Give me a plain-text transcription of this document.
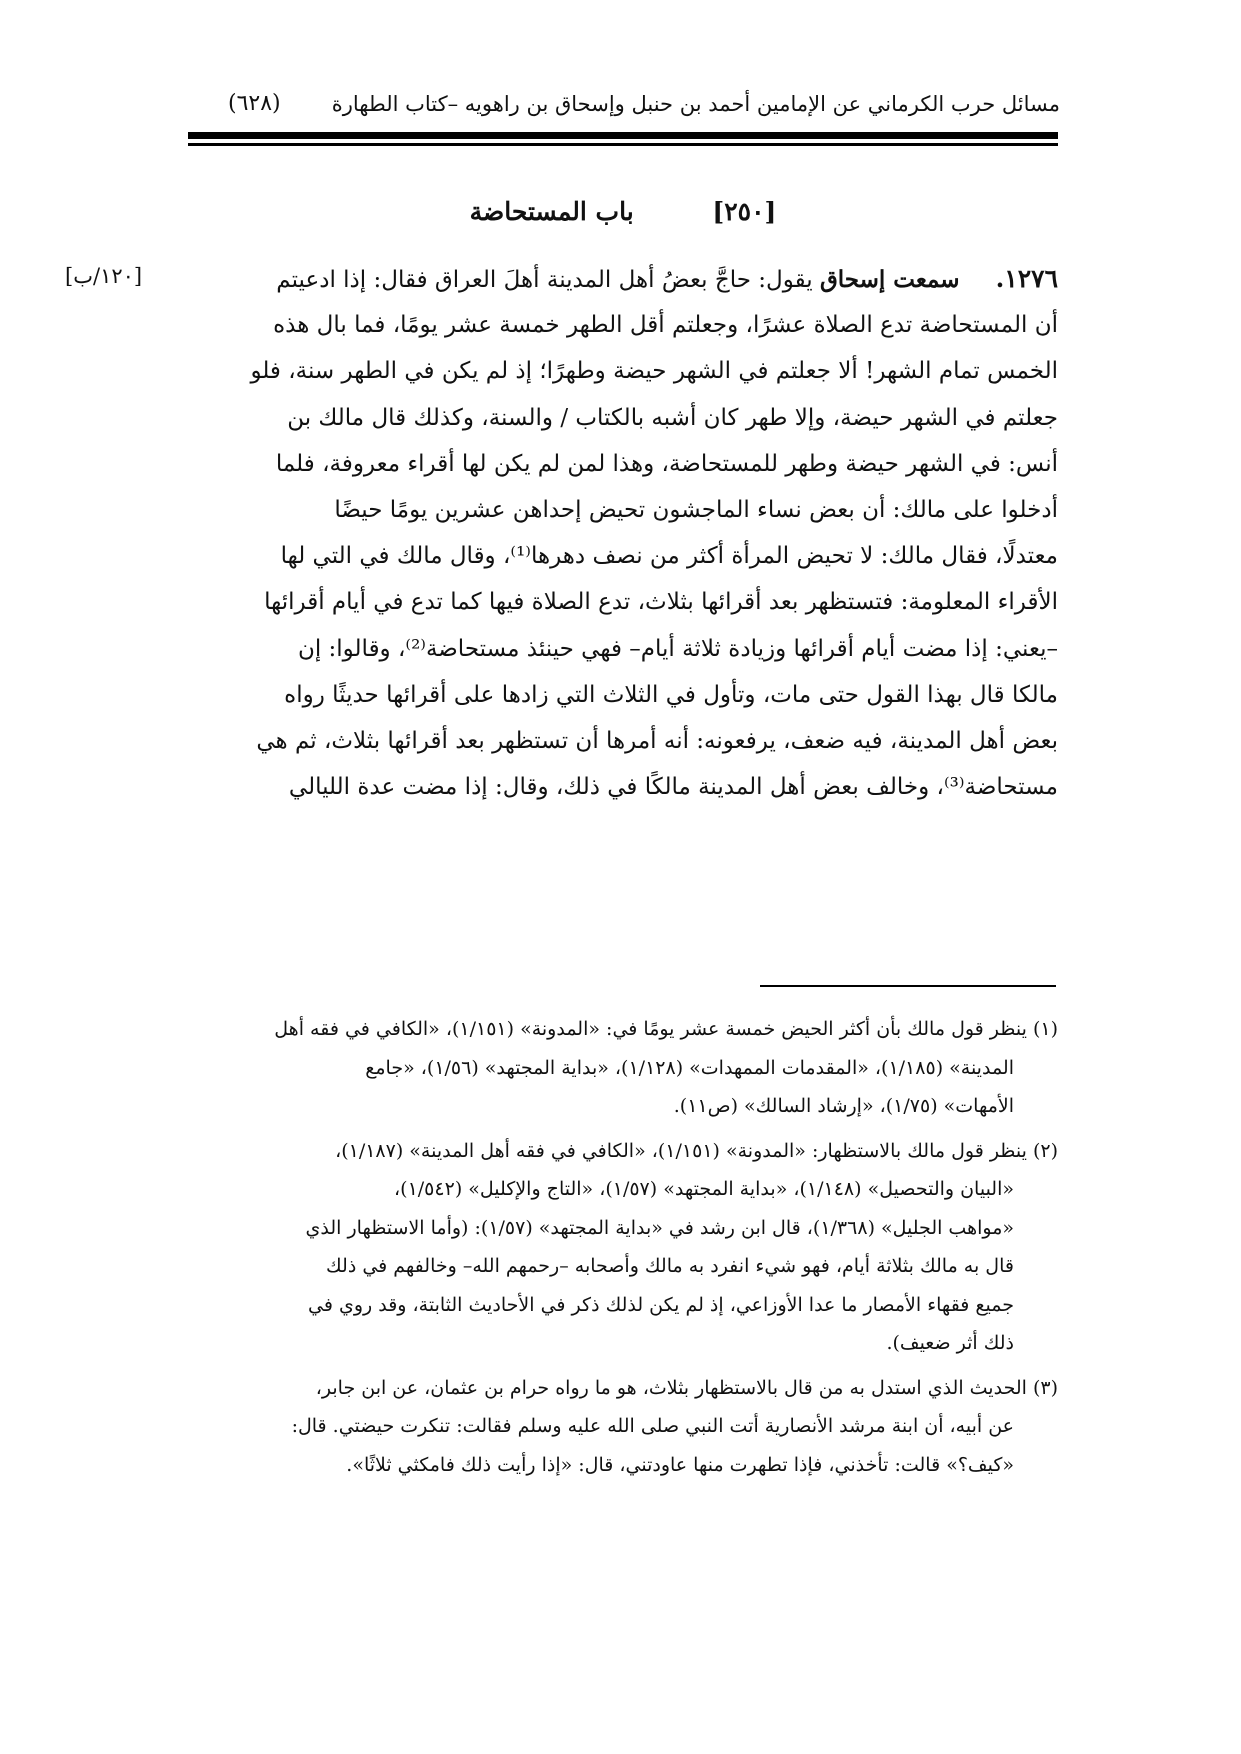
مسائل حرب الكرماني عن الإمامين أحمد بن حنبل وإسحاق بن راهويه –كتاب الطهارة
(٦٢٨)
[٢٥٠] باب المستحاضة
[١٢٠/ب]	١٢٧٦.سمعت إسحاق يقول: حاجَّ بعضُ أهل المدينة أهلَ العراق فقال: إذا ادعيتم
أن المستحاضة تدع الصلاة عشرًا، وجعلتم أقل الطهر خمسة عشر يومًا، فما بال هذه
الخمس تمام الشهر! ألا جعلتم في الشهر حيضة وطهرًا؛ إذ لم يكن في الطهر سنة، فلو
جعلتم في الشهر حيضة، وإلا طهر كان أشبه بالكتاب / والسنة، وكذلك قال مالك بن
أنس: في الشهر حيضة وطهر للمستحاضة، وهذا لمن لم يكن لها أقراء معروفة، فلما
أدخلوا على مالك: أن بعض نساء الماجشون تحيض إحداهن عشرين يومًا حيضًا
معتدلًا، فقال مالك: لا تحيض المرأة أكثر من نصف دهرها⁽¹⁾، وقال مالك في التي لها
الأقراء المعلومة: فتستظهر بعد أقرائها بثلاث، تدع الصلاة فيها كما تدع في أيام أقرائها
–يعني: إذا مضت أيام أقرائها وزيادة ثلاثة أيام– فهي حينئذ مستحاضة⁽²⁾، وقالوا: إن
مالكا قال بهذا القول حتى مات، وتأول في الثلاث التي زادها على أقرائها حديثًا رواه
بعض أهل المدينة، فيه ضعف، يرفعونه: أنه أمرها أن تستظهر بعد أقرائها بثلاث، ثم هي
مستحاضة⁽³⁾، وخالف بعض أهل المدينة مالكًا في ذلك، وقال: إذا مضت عدة الليالي
(١) ينظر قول مالك بأن أكثر الحيض خمسة عشر يومًا في: «المدونة» (١/١٥١)، «الكافي في فقه أهل
المدينة» (١/١٨٥)، «المقدمات الممهدات» (١/١٢٨)، «بداية المجتهد» (١/٥٦)، «جامع
الأمهات» (١/٧٥)، «إرشاد السالك» (ص١١).
(٢) ينظر قول مالك بالاستظهار: «المدونة» (١/١٥١)، «الكافي في فقه أهل المدينة» (١/١٨٧)،
«البيان والتحصيل» (١/١٤٨)، «بداية المجتهد» (١/٥٧)، «التاج والإكليل» (١/٥٤٢)،
«مواهب الجليل» (١/٣٦٨)، قال ابن رشد في «بداية المجتهد» (١/٥٧): (وأما الاستظهار الذي
قال به مالك بثلاثة أيام، فهو شيء انفرد به مالك وأصحابه –رحمهم الله– وخالفهم في ذلك
جميع فقهاء الأمصار ما عدا الأوزاعي، إذ لم يكن لذلك ذكر في الأحاديث الثابتة، وقد روي في
ذلك أثر ضعيف).
(٣) الحديث الذي استدل به من قال بالاستظهار بثلاث، هو ما رواه حرام بن عثمان، عن ابن جابر،
عن أبيه، أن ابنة مرشد الأنصارية أتت النبي صلى الله عليه وسلم فقالت: تنكرت حيضتي. قال:
«كيف؟» قالت: تأخذني، فإذا تطهرت منها عاودتني، قال: «إذا رأيت ذلك فامكثي ثلاثًا».
